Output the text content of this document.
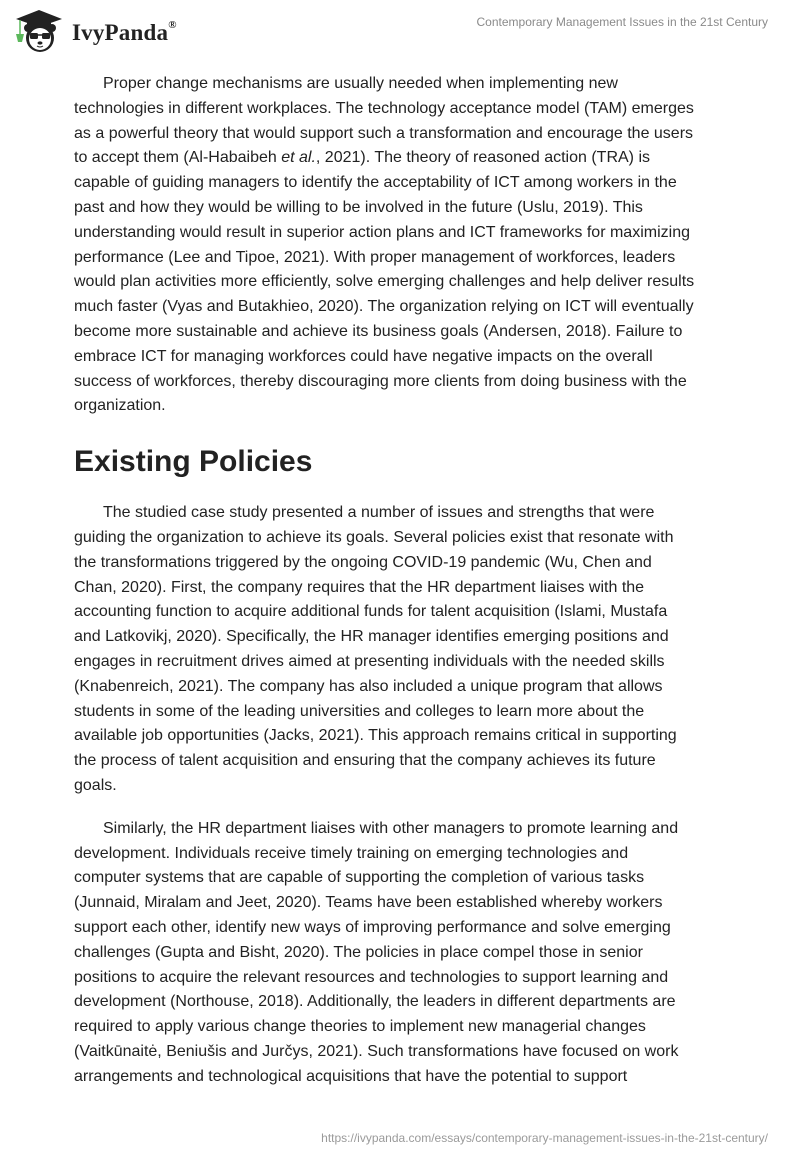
IvyPanda®	Contemporary Management Issues in the 21st Century

Proper change mechanisms are usually needed when implementing new
technologies in different workplaces. The technology acceptance model (TAM) emerges
as a powerful theory that would support such a transformation and encourage the users
to accept them (Al-Habaibeh et al., 2021). The theory of reasoned action (TRA) is
capable of guiding managers to identify the acceptability of ICT among workers in the
past and how they would be willing to be involved in the future (Uslu, 2019). This
understanding would result in superior action plans and ICT frameworks for maximizing
performance (Lee and Tipoe, 2021). With proper management of workforces, leaders
would plan activities more efficiently, solve emerging challenges and help deliver results
much faster (Vyas and Butakhieo, 2020). The organization relying on ICT will eventually
become more sustainable and achieve its business goals (Andersen, 2018). Failure to
embrace ICT for managing workforces could have negative impacts on the overall
success of workforces, thereby discouraging more clients from doing business with the
organization.

Existing Policies

The studied case study presented a number of issues and strengths that were
guiding the organization to achieve its goals. Several policies exist that resonate with
the transformations triggered by the ongoing COVID-19 pandemic (Wu, Chen and
Chan, 2020). First, the company requires that the HR department liaises with the
accounting function to acquire additional funds for talent acquisition (Islami, Mustafa
and Latkovikj, 2020). Specifically, the HR manager identifies emerging positions and
engages in recruitment drives aimed at presenting individuals with the needed skills
(Knabenreich, 2021). The company has also included a unique program that allows
students in some of the leading universities and colleges to learn more about the
available job opportunities (Jacks, 2021). This approach remains critical in supporting
the process of talent acquisition and ensuring that the company achieves its future
goals.

Similarly, the HR department liaises with other managers to promote learning and
development. Individuals receive timely training on emerging technologies and
computer systems that are capable of supporting the completion of various tasks
(Junnaid, Miralam and Jeet, 2020). Teams have been established whereby workers
support each other, identify new ways of improving performance and solve emerging
challenges (Gupta and Bisht, 2020). The policies in place compel those in senior
positions to acquire the relevant resources and technologies to support learning and
development (Northouse, 2018). Additionally, the leaders in different departments are
required to apply various change theories to implement new managerial changes
(Vaitkūnaitė, Beniušis and Jurčys, 2021). Such transformations have focused on work
arrangements and technological acquisitions that have the potential to support

https://ivypanda.com/essays/contemporary-management-issues-in-the-21st-century/
